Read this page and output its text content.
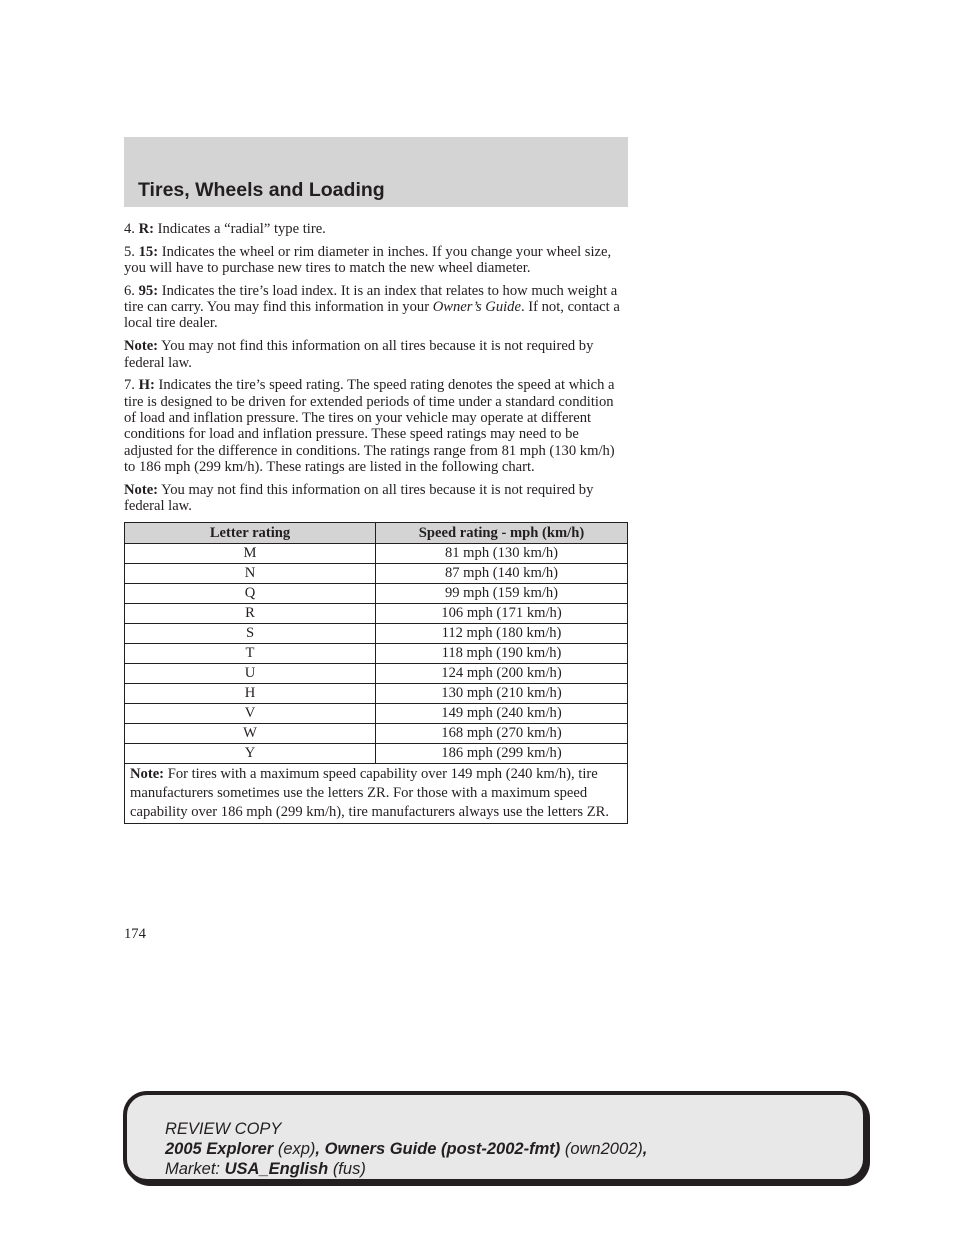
Tires, Wheels and Loading

4. R: Indicates a “radial” type tire.

5. 15: Indicates the wheel or rim diameter in inches. If you change your wheel size, you will have to purchase new tires to match the new wheel diameter.

6. 95: Indicates the tire’s load index. It is an index that relates to how much weight a tire can carry. You may find this information in your Owner’s Guide. If not, contact a local tire dealer.

Note: You may not find this information on all tires because it is not required by federal law.

7. H: Indicates the tire’s speed rating. The speed rating denotes the speed at which a tire is designed to be driven for extended periods of time under a standard condition of load and inflation pressure. The tires on your vehicle may operate at different conditions for load and inflation pressure. These speed ratings may need to be adjusted for the difference in conditions. The ratings range from 81 mph (130 km/h) to 186 mph (299 km/h). These ratings are listed in the following chart.

Note: You may not find this information on all tires because it is not required by federal law.

Letter rating	Speed rating - mph (km/h)
M	81 mph (130 km/h)
N	87 mph (140 km/h)
Q	99 mph (159 km/h)
R	106 mph (171 km/h)
S	112 mph (180 km/h)
T	118 mph (190 km/h)
U	124 mph (200 km/h)
H	130 mph (210 km/h)
V	149 mph (240 km/h)
W	168 mph (270 km/h)
Y	186 mph (299 km/h)
Note: For tires with a maximum speed capability over 149 mph (240 km/h), tire manufacturers sometimes use the letters ZR. For those with a maximum speed capability over 186 mph (299 km/h), tire manufacturers always use the letters ZR.	
174
REVIEW COPY
2005 Explorer (exp), Owners Guide (post-2002-fmt) (own2002),
Market: USA_English (fus)
